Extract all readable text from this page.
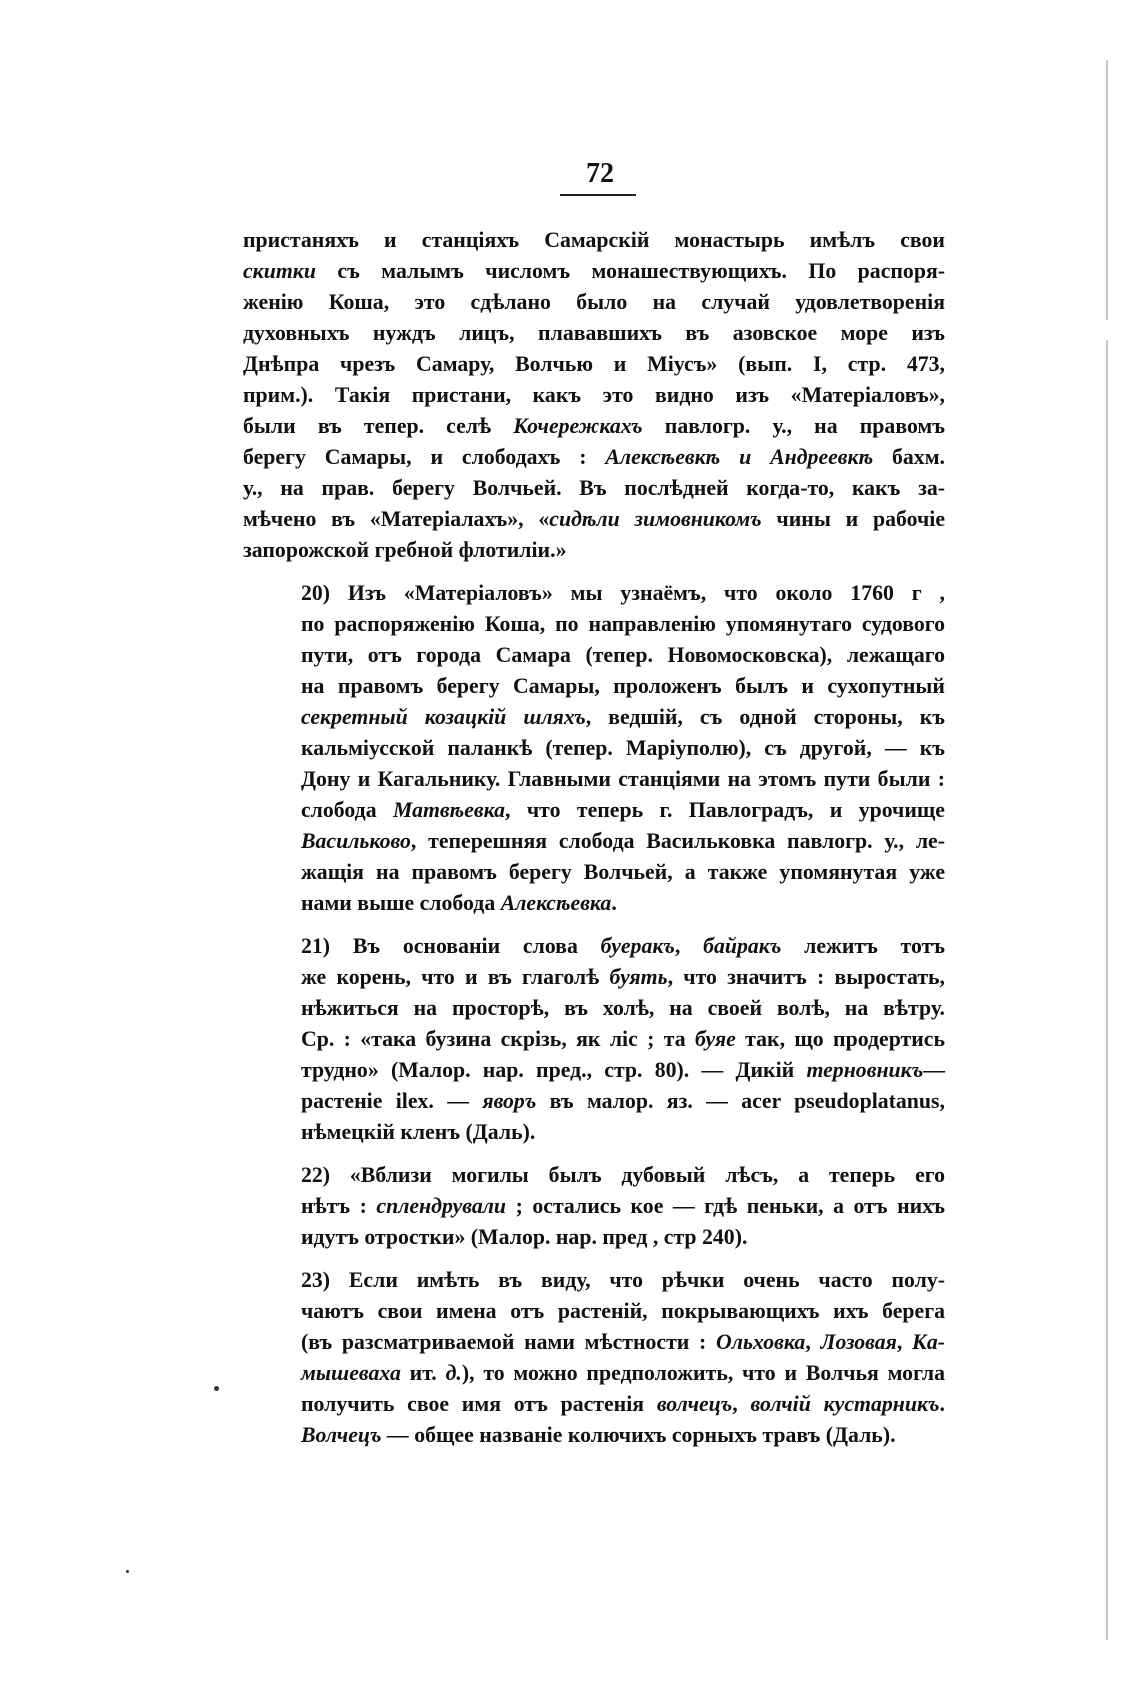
72
пристаняхъ и станціяхъ Самарскій монастырь имѣлъ свои
скитки съ малымъ числомъ монашествующихъ. По распоря-
женію Коша, это сдѣлано было на случай удовлетворенія
духовныхъ нуждъ лицъ, плававшихъ въ азовское море изъ
Днѣпра чрезъ Самару, Волчью и Міусъ» (вып. I, стр. 473,
прим.). Такія пристани, какъ это видно изъ «Матеріаловъ»,
были въ тепер. селѣ Кочережкахъ павлогр. у., на правомъ
берегу Самары, и слободахъ : Алексѣевкѣ и Андреевкѣ бахм.
у., на прав. берегу Волчьей. Въ послѣдней когда-то, какъ за-
мѣчено въ «Матеріалахъ», «сидѣли зимовникомъ чины и рабочіе
запорожской гребной флотиліи.»
20) Изъ «Матеріаловъ» мы узнаёмъ, что около 1760 г ,
по распоряженію Коша, по направленію упомянутаго судового
пути, отъ города Самара (тепер. Новомосковска), лежащаго
на правомъ берегу Самары, проложенъ былъ и сухопутный
секретный козацкій шляхъ, ведшій, съ одной стороны, къ
кальміусской паланкѣ (тепер. Маріуполю), съ другой, — къ
Дону и Кагальнику. Главными станціями на этомъ пути были :
слобода Матвѣевка, что теперь г. Павлоградъ, и урочище
Васильково, теперешняя слобода Васильковка павлогр. у., ле-
жащія на правомъ берегу Волчьей, а также упомянутая уже
нами выше слобода Алексѣевка.
21) Въ основаніи слова буеракъ, байракъ лежитъ тотъ
же корень, что и въ глаголѣ буять, что значитъ : выростать,
нѣжиться на просторѣ, въ холѣ, на своей волѣ, на вѣтру.
Ср. : «така бузина скрізь, як ліс ; та буяе так, що продертись
трудно» (Малор. нар. пред., стр. 80). — Дикій терновникъ—
растеніе ilex. — яворъ въ малор. яз. — acer pseudoplatanus,
нѣмецкій кленъ (Даль).
22) «Вблизи могилы былъ дубовый лѣсъ, а теперь его
нѣтъ : сплендрували ; остались кое — гдѣ пеньки, а отъ нихъ
идутъ отростки» (Малор. нар. пред , стр 240).
23) Если имѣть въ виду, что рѣчки очень часто полу-
чаютъ свои имена отъ растеній, покрывающихъ ихъ берега
(въ разсматриваемой нами мѣстности : Ольховка, Лозовая, Ка-
мышеваха ит. д.), то можно предположить, что и Волчья могла
получить свое имя отъ растенія волчецъ, волчій кустарникъ.
Волчецъ — общее названіе колючихъ сорныхъ травъ (Даль).
